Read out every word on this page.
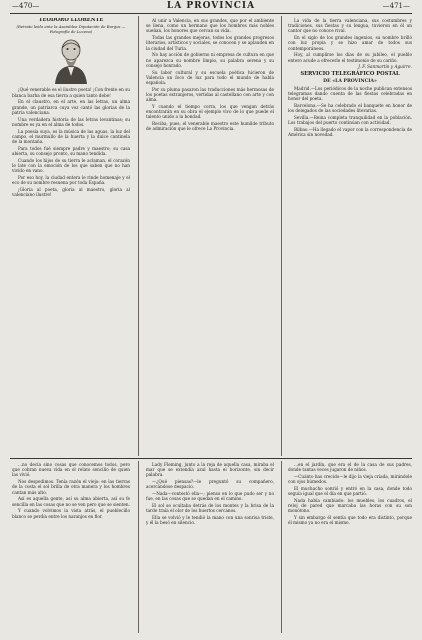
—470—	LA PROVINCIA	—471—
TEODORO LLORENTE
(Retrato leido ante la Asamblea Diputación de Burgos — Fotografía de Lucena)

¡Qué venerable es el ilustre poeta! ¡Con frente en su blanca barba de esa tierra a quien tanto debe!

En el claustro, en el arte, en las letras, un alma grande, un patriarca cuya voz cantó las glorias de la patria valenciana.

Una verdadera historia de las letras levantinas; su nombre es ya en el alma de todos.

La poesía suya, es la música de las aguas, la luz del campo, el murmullo de la huerta y la dulce cantinela de la montaña.

Para todos fué siempre padre y maestro; su casa abierta, su consejo pronto, su mano tendida.

Cuando los hijos de su tierra le aclaman, el corazón le late con la emoción de los que saben que no han vivido en vano.

Por eso hoy, la ciudad entera le rinde homenaje y el eco de su nombre resuena por toda España.

¡Gloria al poeta, gloria al maestro, gloria al valenciano ilustre!

Al unir a Valencia, en sus grandes, que por el ambiente se llena, como un hermano que los hombres más nobles sueñan, los honores que cercan su vida.

Todas las grandes mejoras, todos los grandes progresos literarios, artísticos y sociales, se conocen y se aplauden en la ciudad del Turia.

No hay acción de gobierno ni empresa de cultura en que no aparezca su nombre limpio, su palabra serena y su consejo honrado.

Su labor cultural y su escuela poética hicieron de Valencia un foco de luz para todo el mundo de habla española.

Por su pluma pasaron las traducciones más hermosas de los poetas extranjeros, vertidas al castellano con arte y con alma.

Y cuando el tiempo corra, los que vengan detrás encontrarán en su obra el ejemplo vivo de lo que puede el talento unido a la bondad.

Reciba, pues, el venerable maestro este humilde tributo de admiración que le ofrece La Provincia.

La vida de la tierra valenciana, sus costumbres y tradiciones, sus fiestas y su lengua, tuvieron en él un cantor que no conoce rival.

En el siglo de los grandes ingenios, su nombre brilló con luz propia y se hizo amar de todos sus contemporáneos.

Hoy, al cumplirse los días de su jubileo, el pueblo entero acude a ofrecerle el testimonio de su cariño.

J. F. Sanmartín y Aguirre.
SERVICIO TELEGRÁFICO POSTAL
DE «LA PROVINCIA»

Madrid.—Los periódicos de la noche publican extensos telegramas dando cuenta de las fiestas celebradas en honor del poeta.

Barcelona.—Se ha celebrado el banquete en honor de los delegados de las sociedades literarias.

Sevilla.—Reina completa tranquilidad en la población. Los trabajos del puerto continúan con actividad.

Bilbao.—Ha llegado el vapor con la correspondencia de América sin novedad.

...no decía sino cosas que conocemos todos, pero que cobran nueva vida en el relato sencillo de quien las vivió.

Nos despedimos. Tenía razón el viejo: en las tierras de la costa el sol brilla de otra manera y los hombres cantan más alto.

Así es aquella gente, así su alma abierta, así su fe sencilla en las cosas que no se ven pero que se sienten.

Y cuando volvimos la vista atrás, el pueblecillo blanco se perdía entre los naranjos en flor.

Lady Fleming, junto a la reja de aquella casa, miraba el mar que se extendía azul hasta el horizonte, sin decir palabra.

—¿Qué piensas?—le preguntó su compañero, acercándose despacio.

—Nada—contestó ella—; pienso en lo que pudo ser y no fue, en las cosas que se quedan en el camino.

El sol se ocultaba detrás de los montes y la brisa de la tarde traía el olor de los huertos cercanos.

Ella se volvió y le tendió la mano con una sonrisa triste, y él la besó en silencio.

...en el jardín, que era el de la casa de sus padres, donde tantas veces jugaron de niños.

—Cuánto has crecido—le dijo la vieja criada, mirándole con ojos húmedos.

El muchacho sonrió y entró en la casa, donde todo seguía igual que el día en que partió.

Nada había cambiado: los muebles, los cuadros, el reloj de pared que marcaba las horas con su son monótono.

Y sin embargo él sentía que todo era distinto, porque él mismo ya no era el mismo.
